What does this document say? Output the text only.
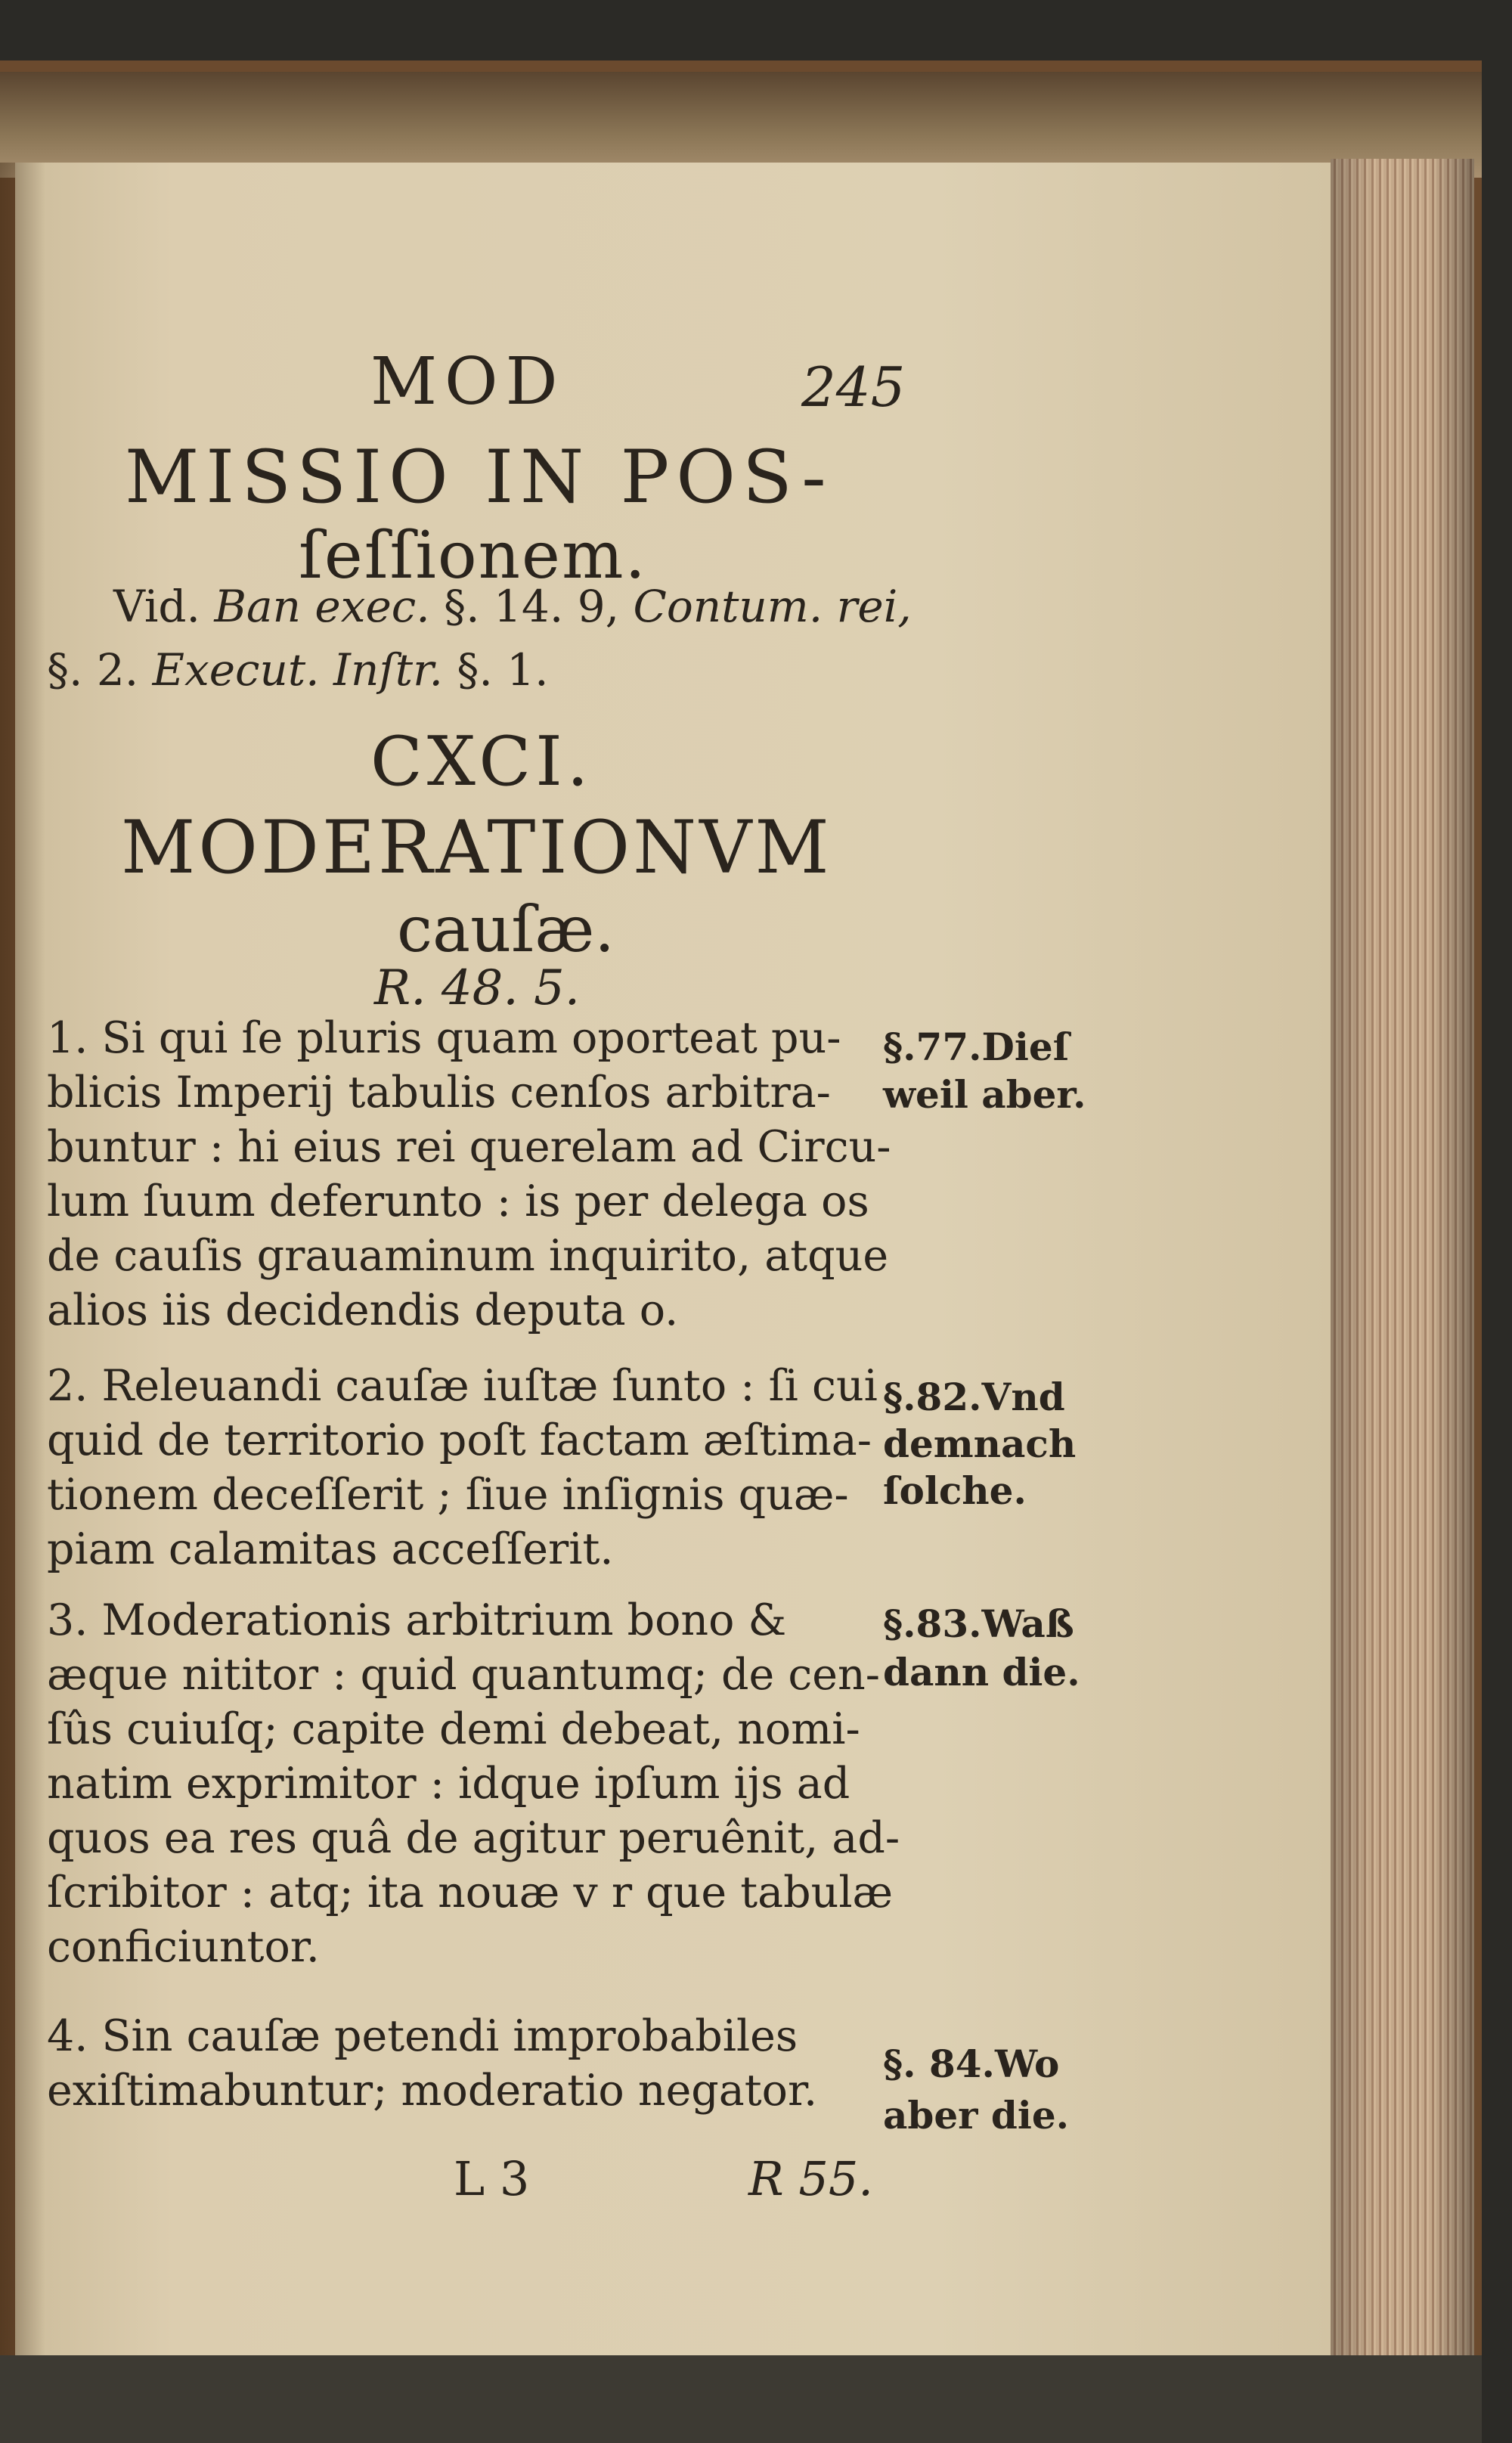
MOD	245
MISSIO IN POS-
ſeſſionem.
Vid. Ban exec. §. 14. 9, Contum. rei,
§. 2. Execut. Inſtr. §. 1.
CXCI.
MODERATIONVM
cauſæ.
R. 48. 5.
1. Si qui ſe pluris quam oporteat pu-
blicis Imperij tabulis cenſos arbitra-
buntur : hi eius rei querelam ad Circu-
lum ſuum deferunto : is per delega os
de cauſis grauaminum inquirito, atque
alios iis decidendis deputa o.
2. Releuandi cauſæ iuſtæ ſunto : ſi cui
quid de territorio poſt factam æſtima-
tionem deceſſerit ; ſiue inſignis quæ-
piam calamitas acceſſerit.
3. Moderationis arbitrium bono &
æque nititor : quid quantumq; de cen-
ſûs cuiuſq; capite demi debeat, nomi-
natim exprimitor : idque ipſum ijs ad
quos ea res quâ de agitur peruênit, ad-
ſcribitor : atq; ita nouæ v r que tabulæ
conficiuntor.
4. Sin cauſæ petendi improbabiles
exiſtimabuntur; moderatio negator.
§.77.Dieſ
weil aber.
§.82.Vnd
demnach
ſolche.
§.83.Waß
dann die.
§. 84.Wo
aber die.
L 3	R 55.
